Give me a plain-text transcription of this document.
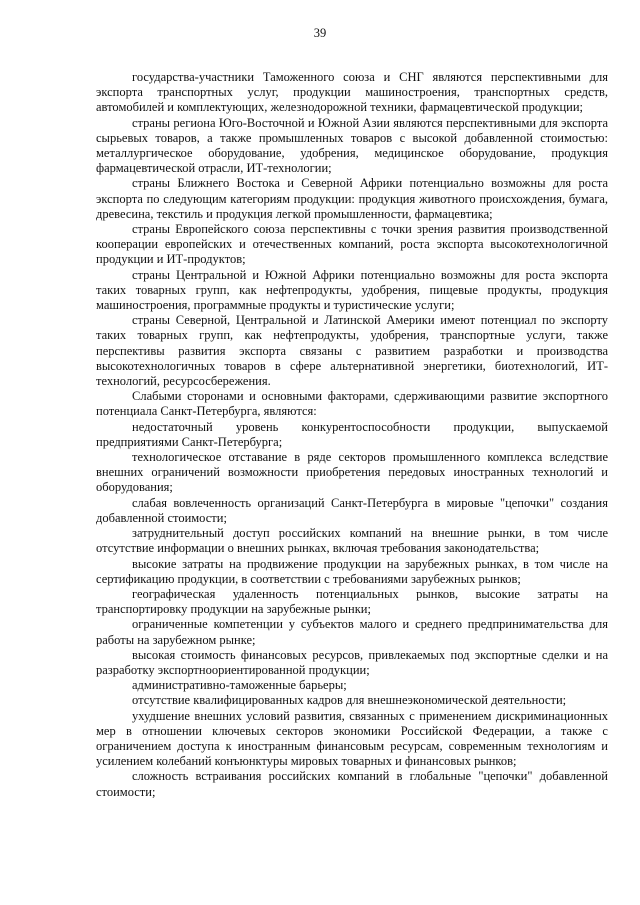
39

государства-участники Таможенного союза и СНГ являются перспективными для экспорта транспортных услуг, продукции машиностроения, транспортных средств, автомобилей и комплектующих, железнодорожной техники, фармацевтической продукции;

страны региона Юго-Восточной и Южной Азии являются перспективными для экспорта сырьевых товаров, а также промышленных товаров с высокой добавленной стоимостью: металлургическое оборудование, удобрения, медицинское оборудование, продукция фармацевтической отрасли, ИТ-технологии;

страны Ближнего Востока и Северной Африки потенциально возможны для роста экспорта по следующим категориям продукции: продукция животного происхождения, бумага, древесина, текстиль и продукция легкой промышленности, фармацевтика;

страны Европейского союза перспективны с точки зрения развития производственной кооперации европейских и отечественных компаний, роста экспорта высокотехнологичной продукции и ИТ-продуктов;

страны Центральной и Южной Африки потенциально возможны для роста экспорта таких товарных групп, как нефтепродукты, удобрения, пищевые продукты, продукция машиностроения, программные продукты и туристические услуги;

страны Северной, Центральной и Латинской Америки имеют потенциал по экспорту таких товарных групп, как нефтепродукты, удобрения, транспортные услуги, также перспективы развития экспорта связаны с развитием разработки и производства высокотехнологичных товаров в сфере альтернативной энергетики, биотехнологий, ИТ-технологий, ресурсосбережения.

Слабыми сторонами и основными факторами, сдерживающими развитие экспортного потенциала Санкт-Петербурга, являются:

недостаточный уровень конкурентоспособности продукции, выпускаемой предприятиями Санкт-Петербурга;

технологическое отставание в ряде секторов промышленного комплекса вследствие внешних ограничений возможности приобретения передовых иностранных технологий и оборудования;

слабая вовлеченность организаций Санкт-Петербурга в мировые "цепочки" создания добавленной стоимости;

затруднительный доступ российских компаний на внешние рынки, в том числе отсутствие информации о внешних рынках, включая требования законодательства;

высокие затраты на продвижение продукции на зарубежных рынках, в том числе на сертификацию продукции, в соответствии с требованиями зарубежных рынков;

географическая удаленность потенциальных рынков, высокие затраты на транспортировку продукции на зарубежные рынки;

ограниченные компетенции у субъектов малого и среднего предпринимательства для работы на зарубежном рынке;

высокая стоимость финансовых ресурсов, привлекаемых под экспортные сделки и на разработку экспортноориентированной продукции;

административно-таможенные барьеры;

отсутствие квалифицированных кадров для внешнеэкономической деятельности;

ухудшение внешних условий развития, связанных с применением дискриминационных мер в отношении ключевых секторов экономики Российской Федерации, а также с ограничением доступа к иностранным финансовым ресурсам, современным технологиям и усилением колебаний конъюнктуры мировых товарных и финансовых рынков;

сложность встраивания российских компаний в глобальные "цепочки" добавленной стоимости;
